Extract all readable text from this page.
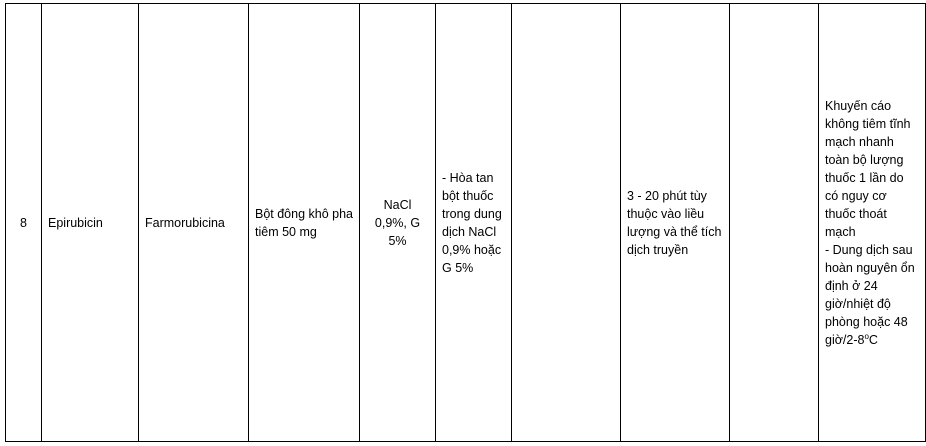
8	Epirubicin	Farmorubicina	Bột đông khô pha tiêm 50 mg	NaCl 0,9%, G 5%	- Hòa tan bột thuốc trong dung dịch NaCl 0,9% hoặc G 5%		3 - 20 phút tùy thuộc vào liều lượng và thể tích dịch truyền		Khuyến cáo không tiêm tĩnh mạch nhanh toàn bộ lượng thuốc 1 lần do có nguy cơ thuốc thoát mạch
- Dung dịch sau hoàn nguyên ổn định ở 24 giờ/nhiệt độ phòng hoặc 48 giờ/2-8$^o$C
